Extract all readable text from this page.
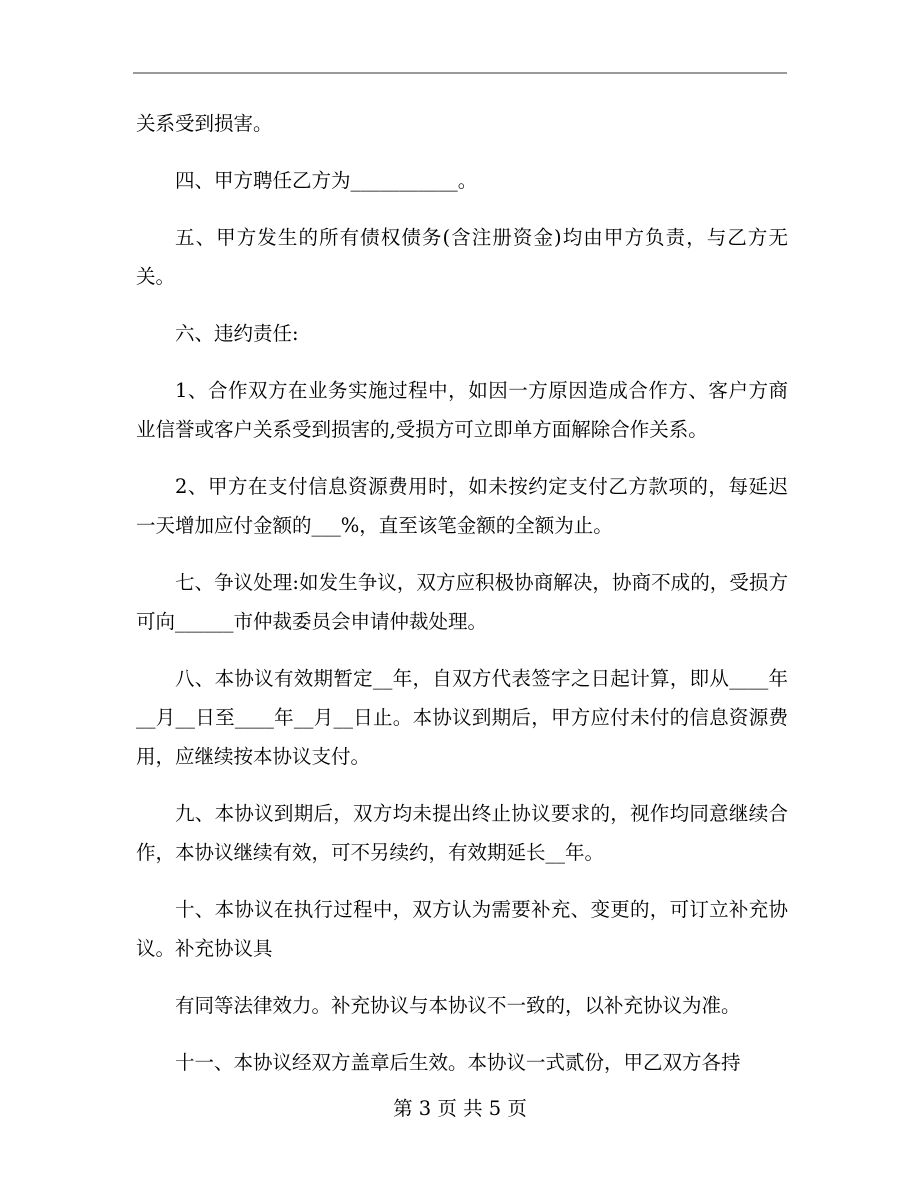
关系受到损害。

四、甲方聘任乙方为___________。

五、甲方发生的所有债权债务(含注册资金)均由甲方负责，与乙方无关。

六、违约责任:

1、合作双方在业务实施过程中，如因一方原因造成合作方、客户方商业信誉或客户关系受到损害的,受损方可立即单方面解除合作关系。

2、甲方在支付信息资源费用时，如未按约定支付乙方款项的，每延迟一天增加应付金额的___%，直至该笔金额的全额为止。

七、争议处理:如发生争议，双方应积极协商解决，协商不成的，受损方可向______市仲裁委员会申请仲裁处理。

八、本协议有效期暂定__年，自双方代表签字之日起计算，即从____年__月__日至____年__月__日止。本协议到期后，甲方应付未付的信息资源费用，应继续按本协议支付。

九、本协议到期后，双方均未提出终止协议要求的，视作均同意继续合作，本协议继续有效，可不另续约，有效期延长__年。

十、本协议在执行过程中，双方认为需要补充、变更的，可订立补充协议。补充协议具

有同等法律效力。补充协议与本协议不一致的，以补充协议为准。

十一、本协议经双方盖章后生效。本协议一式贰份，甲乙双方各持

第 3 页 共 5 页
